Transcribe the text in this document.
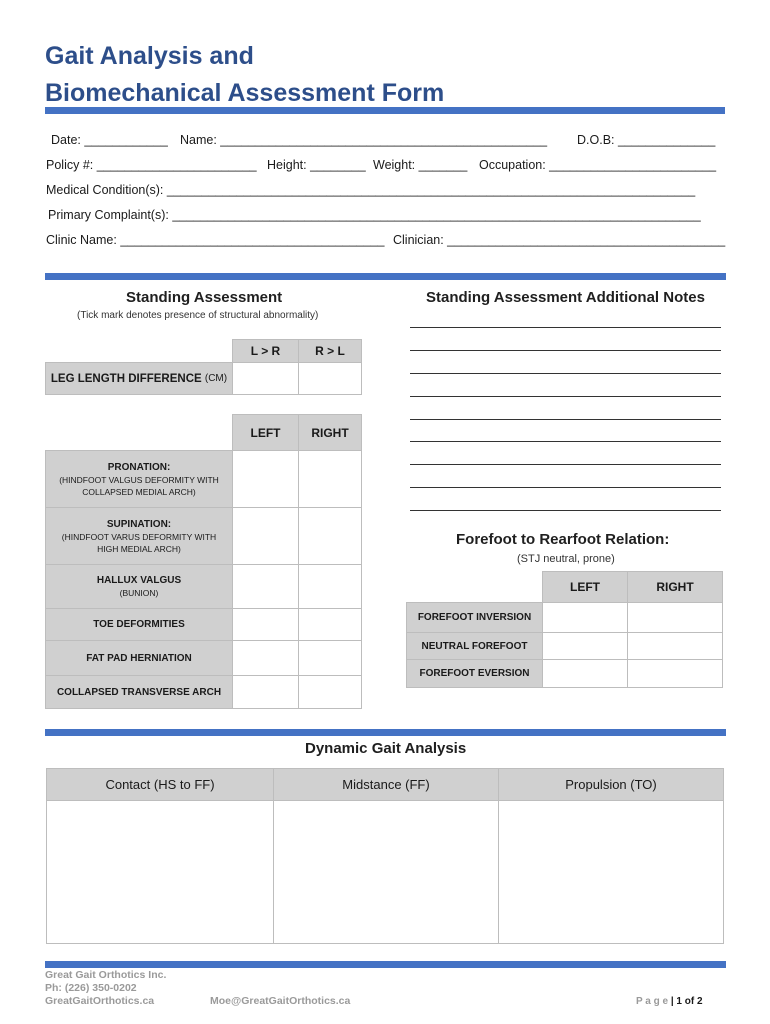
Gait Analysis and
Biomechanical Assessment Form
Date: ____________ Name: _______________________________________________ D.O.B: ______________
Policy #: _______________________ Height: ________ Weight: _______ Occupation: ________________________
Medical Condition(s): ____________________________________________________________________________
Primary Complaint(s): ____________________________________________________________________________
Clinic Name: ______________________________________ Clinician: ________________________________________
Standing Assessment
(Tick mark denotes presence of structural abnormality)
L > R	R > L
LEG LENGTH DIFFERENCE
(CM)
LEFT	RIGHT
PRONATION:
(HINDFOOT VALGUS DEFORMITY WITH
COLLAPSED MEDIAL ARCH)
SUPINATION:
(HINDFOOT VARUS DEFORMITY WITH
HIGH MEDIAL ARCH)
HALLUX VALGUS
(BUNION)
TOE DEFORMITIES
FAT PAD HERNIATION
COLLAPSED TRANSVERSE ARCH
Standing Assessment Additional Notes
Forefoot to Rearfoot Relation:
(STJ neutral, prone)
LEFT	RIGHT
FOREFOOT INVERSION
NEUTRAL FOREFOOT
FOREFOOT EVERSION
Dynamic Gait Analysis
Contact (HS to FF)	Midstance (FF)	Propulsion (TO)
Great Gait Orthotics Inc.
Ph: (226) 350-0202
GreatGaitOrthotics.ca	Moe@GreatGaitOrthotics.ca	P a g e | 1 of 2
